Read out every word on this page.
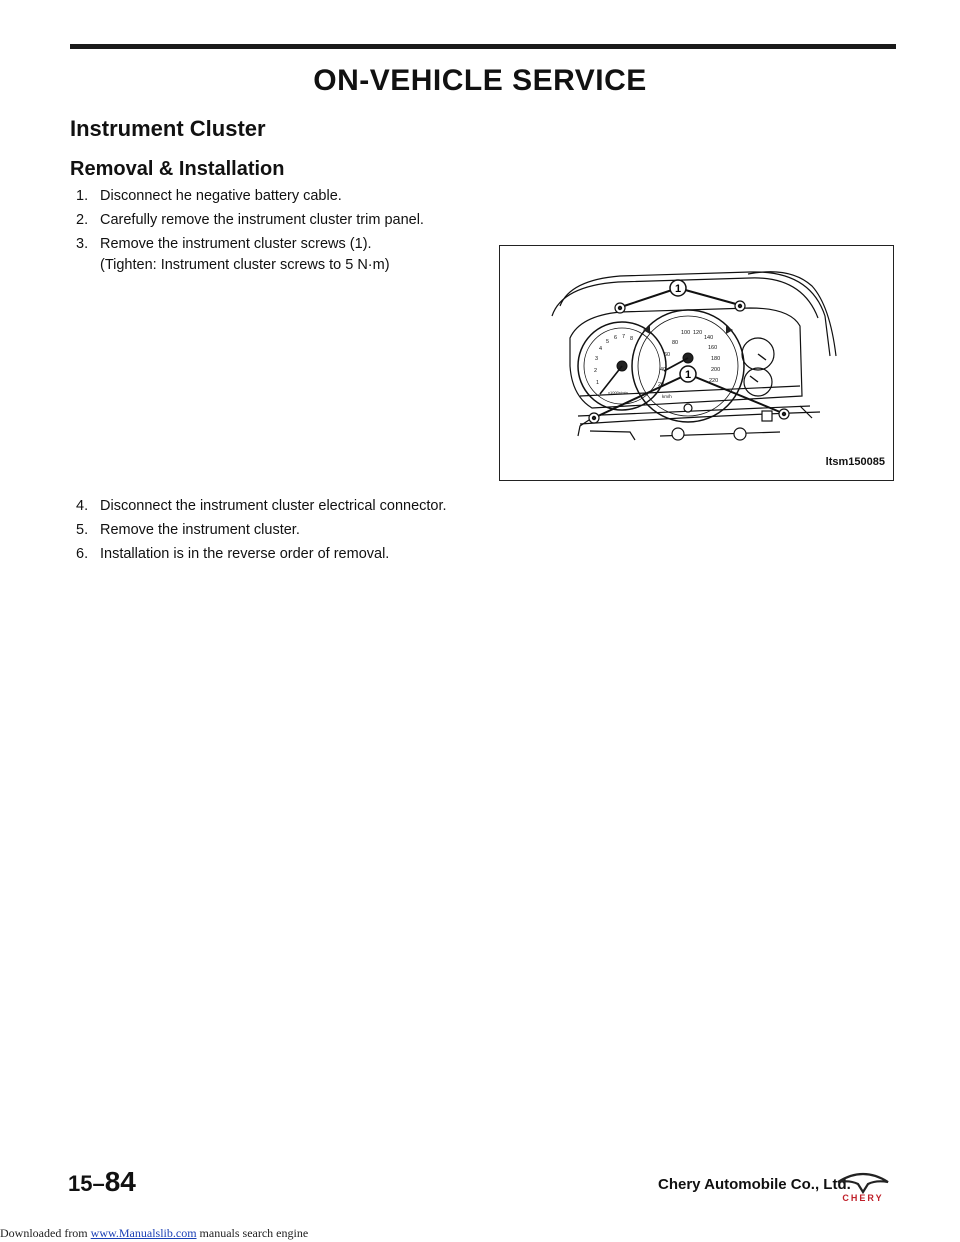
ON-VEHICLE SERVICE
Instrument Cluster
Removal & Installation
1. Disconnect he negative battery cable.
2. Carefully remove the instrument cluster trim panel.
3. Remove the instrument cluster screws (1).
(Tighten: Instrument cluster screws to 5 N·m)
1
1
20
40
60
80
100 120
140
160
180
200
220
km/h
1
2
3
4
5
6 7 8
x1000r/min
ltsm150085
4. Disconnect the instrument cluster electrical connector.
5. Remove the instrument cluster.
6. Installation is in the reverse order of removal.
15–84	Chery Automobile Co., Ltd.
CHERY
Downloaded from www.Manualslib.com manuals search engine
